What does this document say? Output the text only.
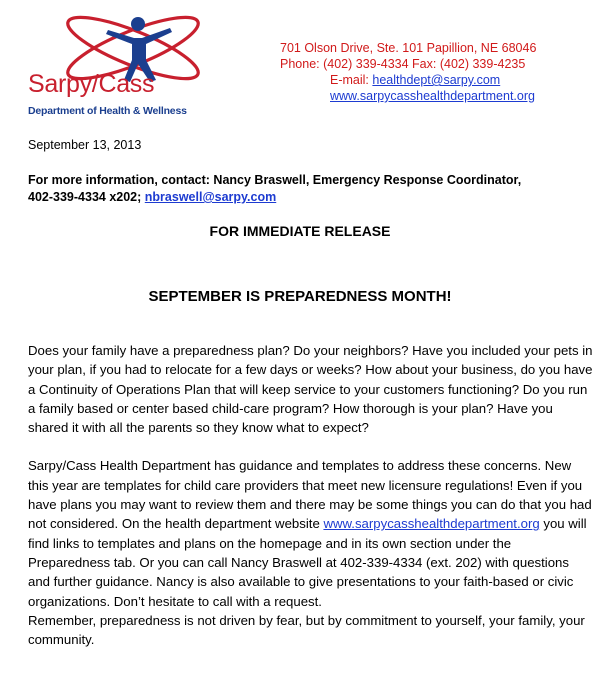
Sarpy/Cass
Department of Health & Wellness
701 Olson Drive, Ste. 101 Papillion, NE 68046
Phone: (402) 339-4334 Fax: (402) 339-4235
E-mail: healthdept@sarpy.com
www.sarpycasshealthdepartment.org
September 13, 2013
For more information, contact: Nancy Braswell, Emergency Response Coordinator, 402-339-4334 x202; nbraswell@sarpy.com
FOR IMMEDIATE RELEASE
SEPTEMBER IS PREPAREDNESS MONTH!

Does your family have a preparedness plan? Do your neighbors? Have you included your pets in your plan, if you had to relocate for a few days or weeks? How about your business, do you have a Continuity of Operations Plan that will keep service to your customers functioning? Do you run a family based or center based child-care program? How thorough is your plan? Have you shared it with all the parents so they know what to expect?

Sarpy/Cass Health Department has guidance and templates to address these concerns. New this year are templates for child care providers that meet new licensure regulations! Even if you have plans you may want to review them and there may be some things you can do that you had not considered. On the health department website www.sarpycasshealthdepartment.org you will find links to templates and plans on the homepage and in its own section under the Preparedness tab. Or you can call Nancy Braswell at 402-339-4334 (ext. 202) with questions and further guidance. Nancy is also available to give presentations to your faith-based or civic organizations. Don’t hesitate to call with a request.

Remember, preparedness is not driven by fear, but by commitment to yourself, your family, your community.
